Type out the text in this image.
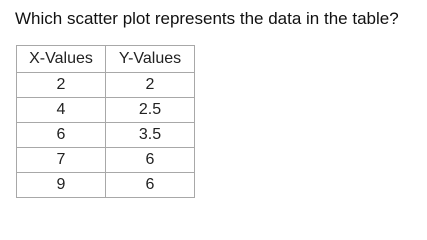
Which scatter plot represents the data in the table?
X-Values	Y-Values
2	2
4	2.5
6	3.5
7	6
9	6
